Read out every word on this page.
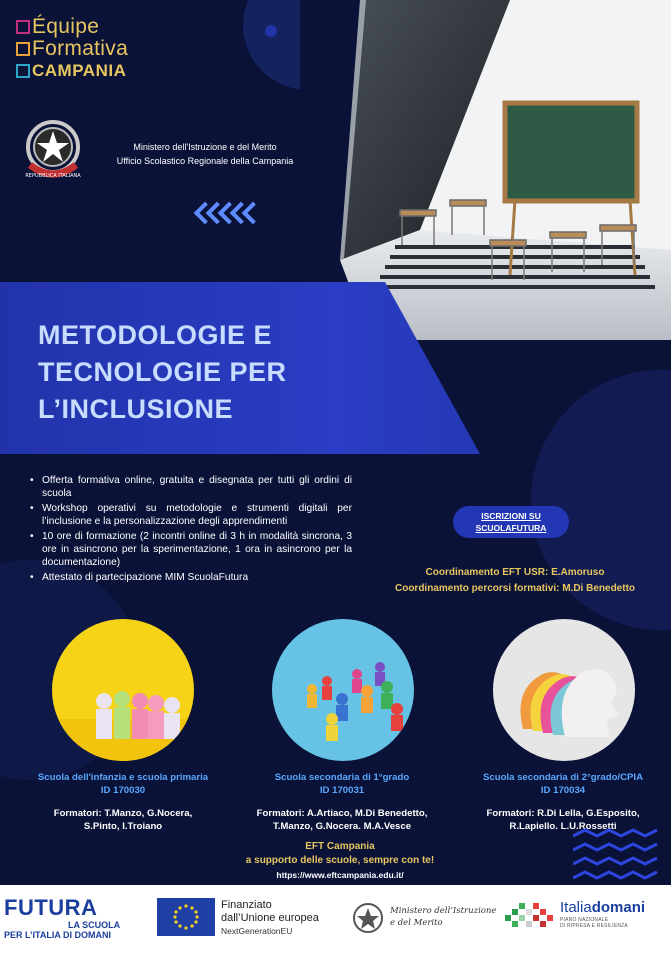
Équipe
Formativa
CAMPANIA
REPUBBLICA ITALIANA
Ministero dell'Istruzione e del Merito
Ufficio Scolastico Regionale della Campania
METODOLOGIE E
TECNOLOGIE PER
L’INCLUSIONE
• Offerta formativa online, gratuita e disegnata per tutti gli ordini di scuola
• Workshop operativi su metodologie e strumenti digitali per l’inclusione e la personalizzazione degli apprendimenti
• 10 ore di formazione (2 incontri online di 3 h in modalità sincrona, 3 ore in asincrono per la sperimentazione, 1 ora in asincrono per la documentazione)
• Attestato di partecipazione MIM ScuolaFutura
ISCRIZIONI SU
SCUOLAFUTURA
Coordinamento EFT USR: E.Amoruso
Coordinamento percorsi formativi: M.Di Benedetto
Scuola dell'infanzia e scuola primaria
ID 170030
Formatori: T.Manzo, G.Nocera,
S.Pinto, I.Troiano
Scuola secondaria di 1°grado
ID 170031
Formatori: A.Artiaco, M.Di Benedetto,
T.Manzo, G.Nocera. M.A.Vesce
Scuola secondaria di 2°grado/CPIA
ID 170034
Formatori: R.Di Lella, G.Esposito,
R.Lapiello. L.U.Rossetti
EFT Campania
a supporto delle scuole, sempre con te!
https://www.eftcampania.edu.it/
FUTURA
LA SCUOLA
PER L’ITALIA DI DOMANI
Finanziato
dall’Unione europea
NextGenerationEU
Ministero dell’Istruzione
e del Merito
Italiadomani
PIANO NAZIONALE
DI RIPRESA E RESILIENZA
